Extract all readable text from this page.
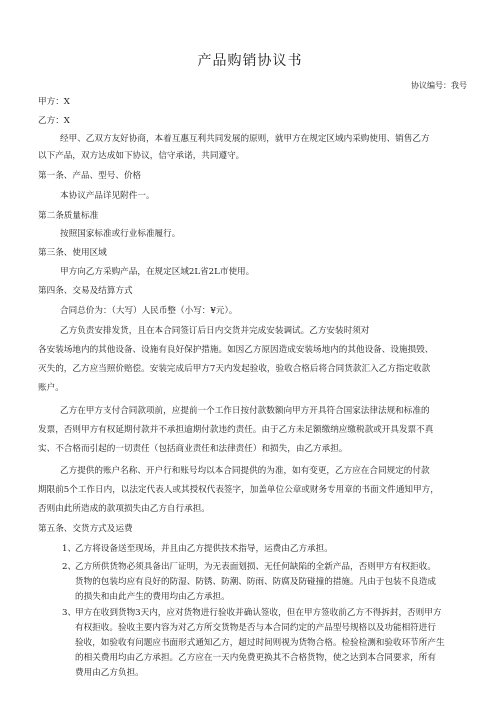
产品购销协议书
协议编号：我号
甲方：X
乙方：X
经甲、乙双方友好协商，本着互惠互利共同发展的原则，就甲方在规定区域内采购使用、销售乙方
以下产品，双方达成如下协议，信守承诺，共同遵守。
第一条、产品、型号、价格
本协议产品详见附件一。
第二条质量标准
按照国家标准或行业标准履行。
第三条、使用区域
甲方向乙方采购产品，在规定区域2L省2L市使用。
第四条、交易及结算方式
合同总价为：（大写）人民币整（小写：¥元）。
乙方负责安排发货，且在本合同签订后日内交货并完成安装调试。乙方安装时须对
各安装场地内的其他设备、设施有良好保护措施。如因乙方原因造成安装场地内的其他设备、设施损毁、
灭失的，乙方应当照价赔偿。安装完成后甲方7天内发起验收，验收合格后将合同货款汇入乙方指定收款
账户。
乙方在甲方支付合同款项前，应提前一个工作日按付款数额向甲方开具符合国家法律法规和标准的
发票，否则甲方有权延期付款并不承担逾期付款违约责任。由于乙方未足额缴纳应缴税款或开具发票不真
实、不合格而引起的一切责任（包括商业责任和法律责任）和损失，由乙方承担。
乙方提供的账户名称、开户行和账号均以本合同提供的为准，如有变更，乙方应在合同规定的付款
期限前5个工作日内，以法定代表人或其授权代表签字，加盖单位公章或财务专用章的书面文件通知甲方，
否则由此所造成的款项损失由乙方自行承担。
第五条、交货方式及运费
1、
乙方将设备送至现场，并且由乙方提供技术指导，运费由乙方承担。
2、
乙方所供货物必须具备出厂证明，为无表面划损、无任何缺陷的全新产品，否则甲方有权拒收。
货物的包装均应有良好的防湿、防锈、防潮、防雨、防腐及防碰撞的措施。凡由于包装不良造成
的损失和由此产生的费用均由乙方承担。
3、
甲方在收到货物3天内，应对货物进行验收并确认签收，但在甲方签收前乙方不得拆封，否则甲方
有权拒收。验收主要内容为对乙方所交货物是否与本合同约定的产品型号规格以及功能相符进行
验收，如验收有问题应书面形式通知乙方，超过时间则视为货物合格。检验检测和验收环节所产生
的相关费用均由乙方承担。乙方应在一天内免费更换其不合格货物，使之达到本合同要求，所有
费用由乙方负担。
